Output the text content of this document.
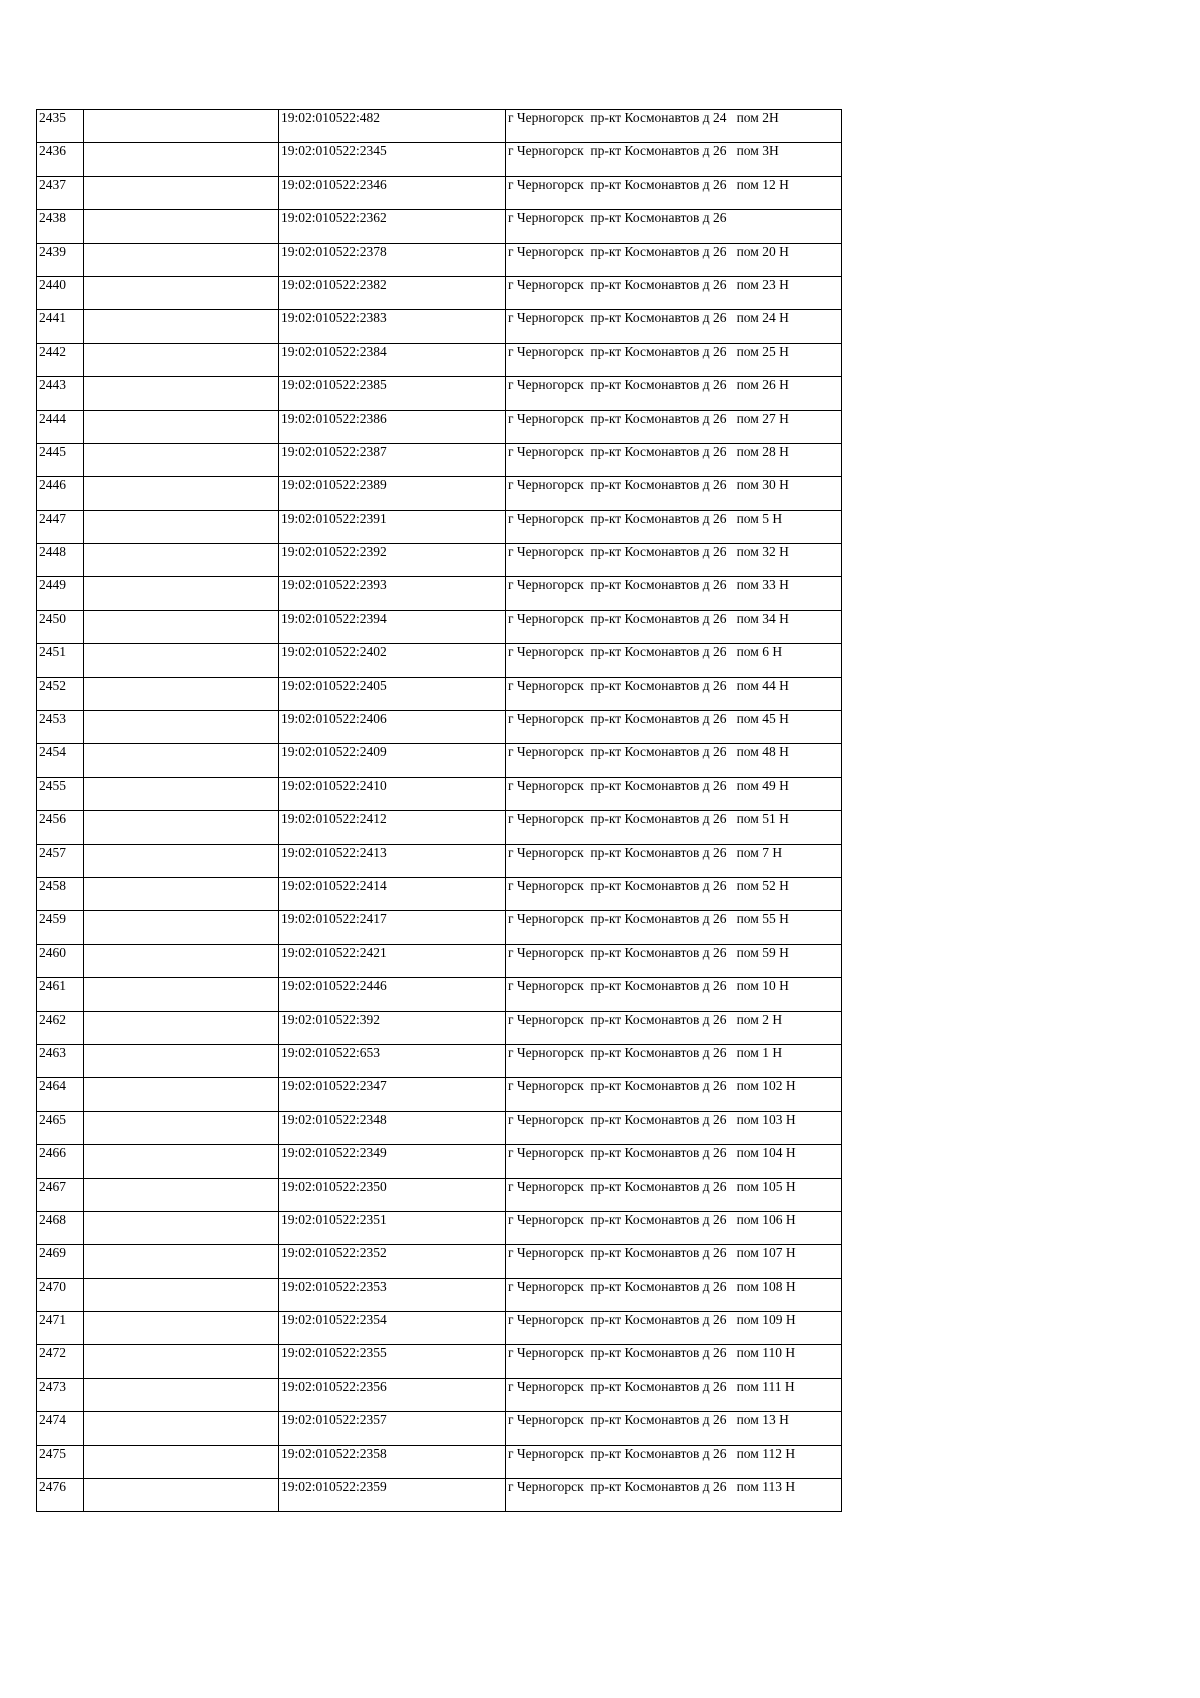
2435		19:02:010522:482	г Черногорск  пр-кт Космонавтов д 24   пом 2Н
2436		19:02:010522:2345	г Черногорск  пр-кт Космонавтов д 26   пом 3Н
2437		19:02:010522:2346	г Черногорск  пр-кт Космонавтов д 26   пом 12 Н
2438		19:02:010522:2362	г Черногорск  пр-кт Космонавтов д 26
2439		19:02:010522:2378	г Черногорск  пр-кт Космонавтов д 26   пом 20 Н
2440		19:02:010522:2382	г Черногорск  пр-кт Космонавтов д 26   пом 23 Н
2441		19:02:010522:2383	г Черногорск  пр-кт Космонавтов д 26   пом 24 Н
2442		19:02:010522:2384	г Черногорск  пр-кт Космонавтов д 26   пом 25 Н
2443		19:02:010522:2385	г Черногорск  пр-кт Космонавтов д 26   пом 26 Н
2444		19:02:010522:2386	г Черногорск  пр-кт Космонавтов д 26   пом 27 Н
2445		19:02:010522:2387	г Черногорск  пр-кт Космонавтов д 26   пом 28 Н
2446		19:02:010522:2389	г Черногорск  пр-кт Космонавтов д 26   пом 30 Н
2447		19:02:010522:2391	г Черногорск  пр-кт Космонавтов д 26   пом 5 Н
2448		19:02:010522:2392	г Черногорск  пр-кт Космонавтов д 26   пом 32 Н
2449		19:02:010522:2393	г Черногорск  пр-кт Космонавтов д 26   пом 33 Н
2450		19:02:010522:2394	г Черногорск  пр-кт Космонавтов д 26   пом 34 Н
2451		19:02:010522:2402	г Черногорск  пр-кт Космонавтов д 26   пом 6 Н
2452		19:02:010522:2405	г Черногорск  пр-кт Космонавтов д 26   пом 44 Н
2453		19:02:010522:2406	г Черногорск  пр-кт Космонавтов д 26   пом 45 Н
2454		19:02:010522:2409	г Черногорск  пр-кт Космонавтов д 26   пом 48 Н
2455		19:02:010522:2410	г Черногорск  пр-кт Космонавтов д 26   пом 49 Н
2456		19:02:010522:2412	г Черногорск  пр-кт Космонавтов д 26   пом 51 Н
2457		19:02:010522:2413	г Черногорск  пр-кт Космонавтов д 26   пом 7 Н
2458		19:02:010522:2414	г Черногорск  пр-кт Космонавтов д 26   пом 52 Н
2459		19:02:010522:2417	г Черногорск  пр-кт Космонавтов д 26   пом 55 Н
2460		19:02:010522:2421	г Черногорск  пр-кт Космонавтов д 26   пом 59 Н
2461		19:02:010522:2446	г Черногорск  пр-кт Космонавтов д 26   пом 10 Н
2462		19:02:010522:392	г Черногорск  пр-кт Космонавтов д 26   пом 2 Н
2463		19:02:010522:653	г Черногорск  пр-кт Космонавтов д 26   пом 1 Н
2464		19:02:010522:2347	г Черногорск  пр-кт Космонавтов д 26   пом 102 Н
2465		19:02:010522:2348	г Черногорск  пр-кт Космонавтов д 26   пом 103 Н
2466		19:02:010522:2349	г Черногорск  пр-кт Космонавтов д 26   пом 104 Н
2467		19:02:010522:2350	г Черногорск  пр-кт Космонавтов д 26   пом 105 Н
2468		19:02:010522:2351	г Черногорск  пр-кт Космонавтов д 26   пом 106 Н
2469		19:02:010522:2352	г Черногорск  пр-кт Космонавтов д 26   пом 107 Н
2470		19:02:010522:2353	г Черногорск  пр-кт Космонавтов д 26   пом 108 Н
2471		19:02:010522:2354	г Черногорск  пр-кт Космонавтов д 26   пом 109 Н
2472		19:02:010522:2355	г Черногорск  пр-кт Космонавтов д 26   пом 110 Н
2473		19:02:010522:2356	г Черногорск  пр-кт Космонавтов д 26   пом 111 Н
2474		19:02:010522:2357	г Черногорск  пр-кт Космонавтов д 26   пом 13 Н
2475		19:02:010522:2358	г Черногорск  пр-кт Космонавтов д 26   пом 112 Н
2476		19:02:010522:2359	г Черногорск  пр-кт Космонавтов д 26   пом 113 Н
